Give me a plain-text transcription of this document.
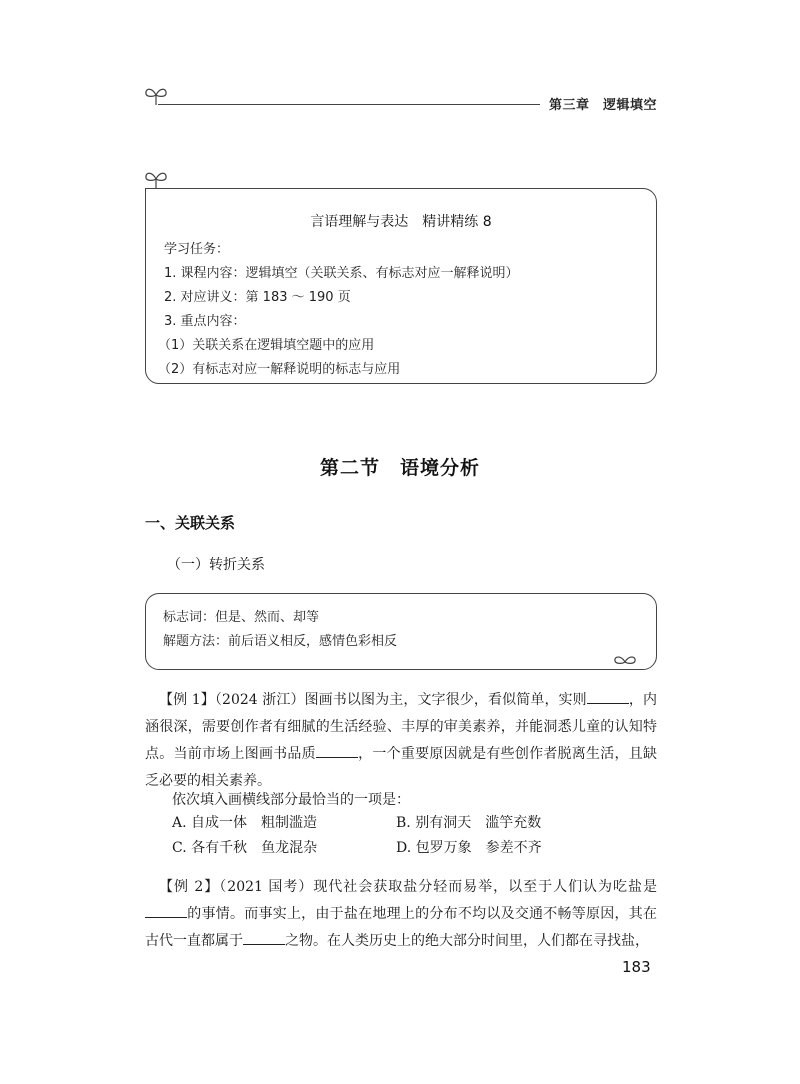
第三章　逻辑填空
言语理解与表达　精讲精练 8
学习任务：
1. 课程内容：逻辑填空（关联关系、有标志对应一解释说明）
2. 对应讲义：第 183 ～ 190 页
3. 重点内容：
（1）关联关系在逻辑填空题中的应用
（2）有标志对应一解释说明的标志与应用
第二节　语境分析
一、关联关系
（一）转折关系
标志词：但是、然而、却等
解题方法：前后语义相反，感情色彩相反

【例 1】（2024 浙江）图画书以图为主，文字很少，看似简单，实则	，内涵很深，需要创作者有细腻的生活经验、丰厚的审美素养，并能洞悉儿童的认知特点。当前市场上图画书品质	，一个重要原因就是有些创作者脱离生活，且缺乏必要的相关素养。

依次填入画横线部分最恰当的一项是：
A. 自成一体　粗制滥造	B. 别有洞天　滥竽充数
C. 各有千秋　鱼龙混杂	D. 包罗万象　参差不齐

【例 2】（2021 国考）现代社会获取盐分轻而易举，以至于人们认为吃盐是的事情。而事实上，由于盐在地理上的分布不均以及交通不畅等原因，其在古代一直都属于	之物。在人类历史上的绝大部分时间里，人们都在寻找盐，

183
